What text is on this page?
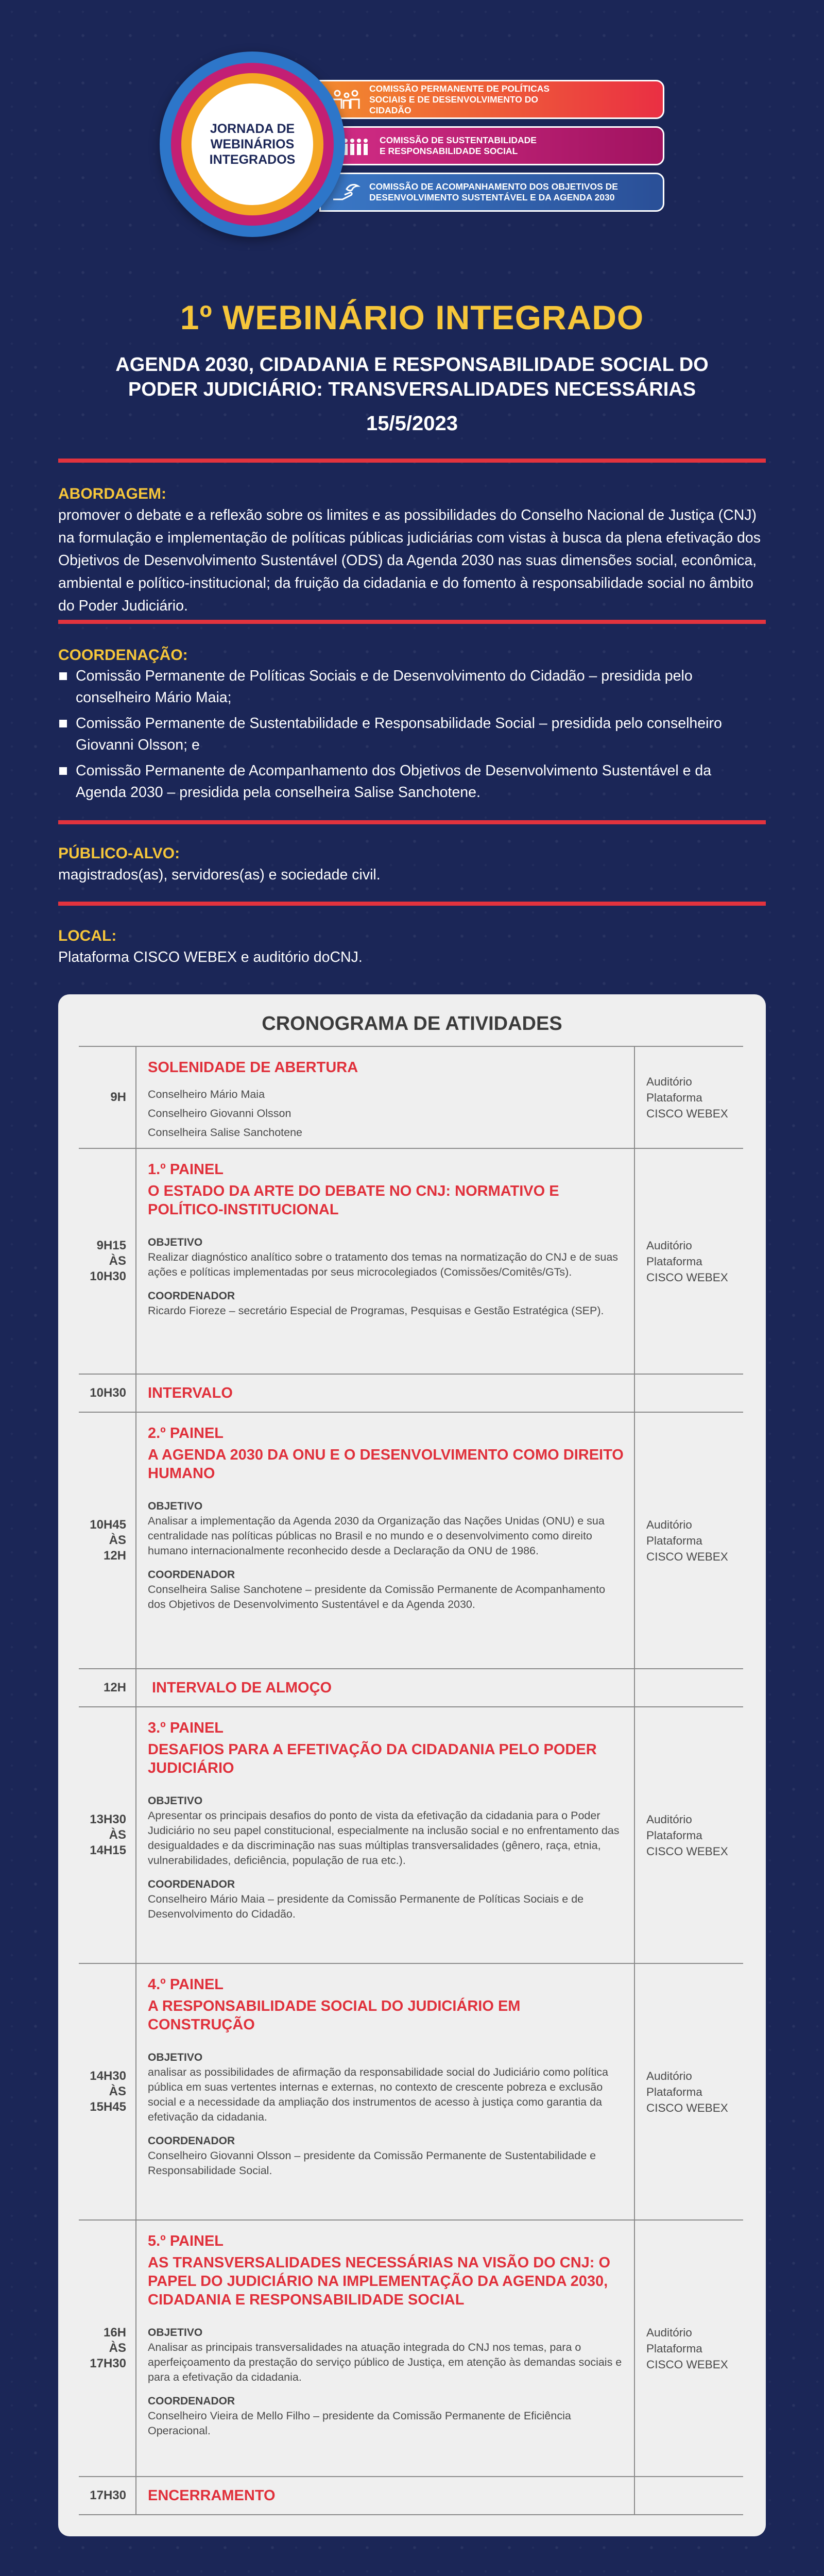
COMISSÃO PERMANENTE DE POLÍTICAS SOCIAIS E DE DESENVOLVIMENTO DO CIDADÃO
COMISSÃO DE SUSTENTABILIDADE E RESPONSABILIDADE SOCIAL
COMISSÃO DE ACOMPANHAMENTO DOS OBJETIVOS DE DESENVOLVIMENTO SUSTENTÁVEL E DA AGENDA 2030
JORNADA DE
WEBINÁRIOS
INTEGRADOS
1º WEBINÁRIO INTEGRADO
AGENDA 2030, CIDADANIA E RESPONSABILIDADE SOCIAL DO
PODER JUDICIÁRIO: TRANSVERSALIDADES NECESSÁRIAS
15/5/2023
ABORDAGEM:
promover o debate e a reflexão sobre os limites e as possibilidades do Conselho Nacional de Justiça (CNJ) na formulação e implementação de políticas públicas judiciárias com vistas à busca da plena efetivação dos Objetivos de Desenvolvimento Sustentável (ODS) da Agenda 2030 nas suas dimensões social, econômica, ambiental e político-institucional; da fruição da cidadania e do fomento à responsabilidade social no âmbito do Poder Judiciário.
COORDENAÇÃO:
Comissão Permanente de Políticas Sociais e de Desenvolvimento do Cidadão – presidida pelo conselheiro Mário Maia;
Comissão Permanente de Sustentabilidade e Responsabilidade Social – presidida pelo conselheiro Giovanni Olsson; e
Comissão Permanente de Acompanhamento dos Objetivos de Desenvolvimento Sustentável e da Agenda 2030 – presidida pela conselheira Salise Sanchotene.
PÚBLICO-ALVO:
magistrados(as), servidores(as) e sociedade civil.
LOCAL:
Plataforma CISCO WEBEX e auditório doCNJ.
CRONOGRAMA DE ATIVIDADES
9H
SOLENIDADE DE ABERTURA
Conselheiro Mário Maia
Conselheiro Giovanni Olsson
Conselheira Salise Sanchotene
Auditório
Plataforma
CISCO WEBEX
9H15
ÀS
10H30
1.º PAINEL
O ESTADO DA ARTE DO DEBATE NO CNJ: NORMATIVO E POLÍTICO-INSTITUCIONAL
OBJETIVO
Realizar diagnóstico analítico sobre o tratamento dos temas na normatização do CNJ e de suas ações e políticas implementadas por seus microcolegiados (Comissões/Comitês/GTs).
COORDENADOR
Ricardo Fioreze – secretário Especial de Programas, Pesquisas e Gestão Estratégica (SEP).
Auditório
Plataforma
CISCO WEBEX
10H30 INTERVALO
10H45
ÀS
12H
2.º PAINEL
A AGENDA 2030 DA ONU E O DESENVOLVIMENTO COMO DIREITO HUMANO
OBJETIVO
Analisar a implementação da Agenda 2030 da Organização das Nações Unidas (ONU) e sua centralidade nas políticas públicas no Brasil e no mundo e o desenvolvimento como direito humano internacionalmente reconhecido desde a Declaração da ONU de 1986.
COORDENADOR
Conselheira Salise Sanchotene – presidente da Comissão Permanente de Acompanhamento dos Objetivos de Desenvolvimento Sustentável e da Agenda 2030.
Auditório
Plataforma
CISCO WEBEX
12H INTERVALO DE ALMOÇO
13H30
ÀS
14H15
3.º PAINEL
DESAFIOS PARA A EFETIVAÇÃO DA CIDADANIA PELO PODER JUDICIÁRIO
OBJETIVO
Apresentar os principais desafios do ponto de vista da efetivação da cidadania para o Poder Judiciário no seu papel constitucional, especialmente na inclusão social e no enfrentamento das desigualdades e da discriminação nas suas múltiplas transversalidades (gênero, raça, etnia, vulnerabilidades, deficiência, população de rua etc.).
COORDENADOR
Conselheiro Mário Maia – presidente da Comissão Permanente de Políticas Sociais e de Desenvolvimento do Cidadão.
Auditório
Plataforma
CISCO WEBEX
14H30
ÀS
15H45
4.º PAINEL
A RESPONSABILIDADE SOCIAL DO JUDICIÁRIO EM CONSTRUÇÃO
OBJETIVO
analisar as possibilidades de afirmação da responsabilidade social do Judiciário como política pública em suas vertentes internas e externas, no contexto de crescente pobreza e exclusão social e a necessidade da ampliação dos instrumentos de acesso à justiça como garantia da efetivação da cidadania.
COORDENADOR
Conselheiro Giovanni Olsson – presidente da Comissão Permanente de Sustentabilidade e Responsabilidade Social.
Auditório
Plataforma
CISCO WEBEX
16H
ÀS
17H30
5.º PAINEL
AS TRANSVERSALIDADES NECESSÁRIAS NA VISÃO DO CNJ: O PAPEL DO JUDICIÁRIO NA IMPLEMENTAÇÃO DA AGENDA 2030, CIDADANIA E RESPONSABILIDADE SOCIAL
OBJETIVO
Analisar as principais transversalidades na atuação integrada do CNJ nos temas, para o aperfeiçoamento da prestação do serviço público de Justiça, em atenção às demandas sociais e para a efetivação da cidadania.
COORDENADOR
Conselheiro Vieira de Mello Filho – presidente da Comissão Permanente de Eficiência Operacional.
Auditório
Plataforma
CISCO WEBEX
17H30 ENCERRAMENTO
